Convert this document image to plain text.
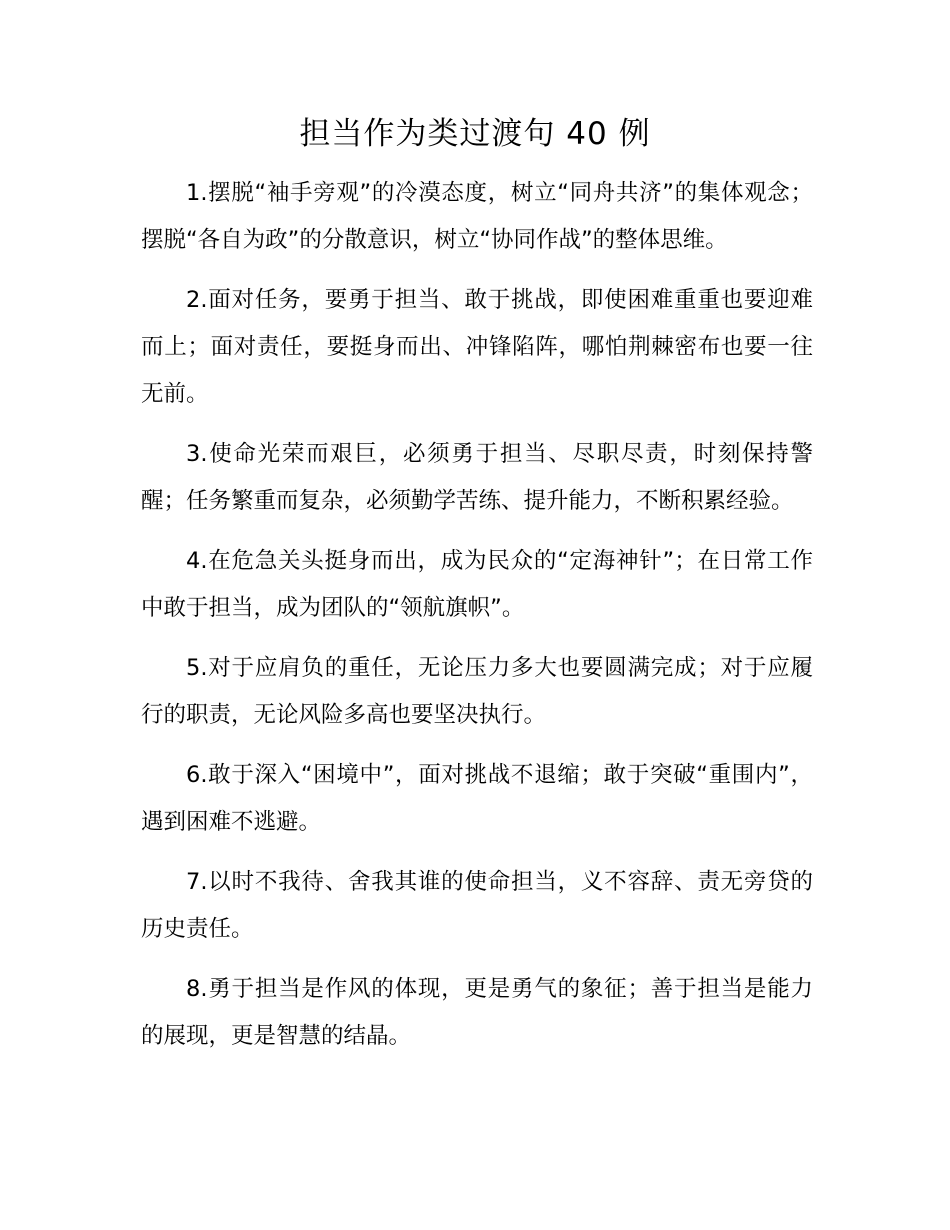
担当作为类过渡句 40 例

1.摆脱“袖手旁观”的冷漠态度，树立“同舟共济”的集体观念；摆脱“各自为政”的分散意识，树立“协同作战”的整体思维。

2.面对任务，要勇于担当、敢于挑战，即使困难重重也要迎难而上；面对责任，要挺身而出、冲锋陷阵，哪怕荆棘密布也要一往无前。

3.使命光荣而艰巨，必须勇于担当、尽职尽责，时刻保持警醒；任务繁重而复杂，必须勤学苦练、提升能力，不断积累经验。

4.在危急关头挺身而出，成为民众的“定海神针”；在日常工作中敢于担当，成为团队的“领航旗帜”。

5.对于应肩负的重任，无论压力多大也要圆满完成；对于应履行的职责，无论风险多高也要坚决执行。

6.敢于深入“困境中”，面对挑战不退缩；敢于突破“重围内”，遇到困难不逃避。

7.以时不我待、舍我其谁的使命担当，义不容辞、责无旁贷的历史责任。

8.勇于担当是作风的体现，更是勇气的象征；善于担当是能力的展现，更是智慧的结晶。
